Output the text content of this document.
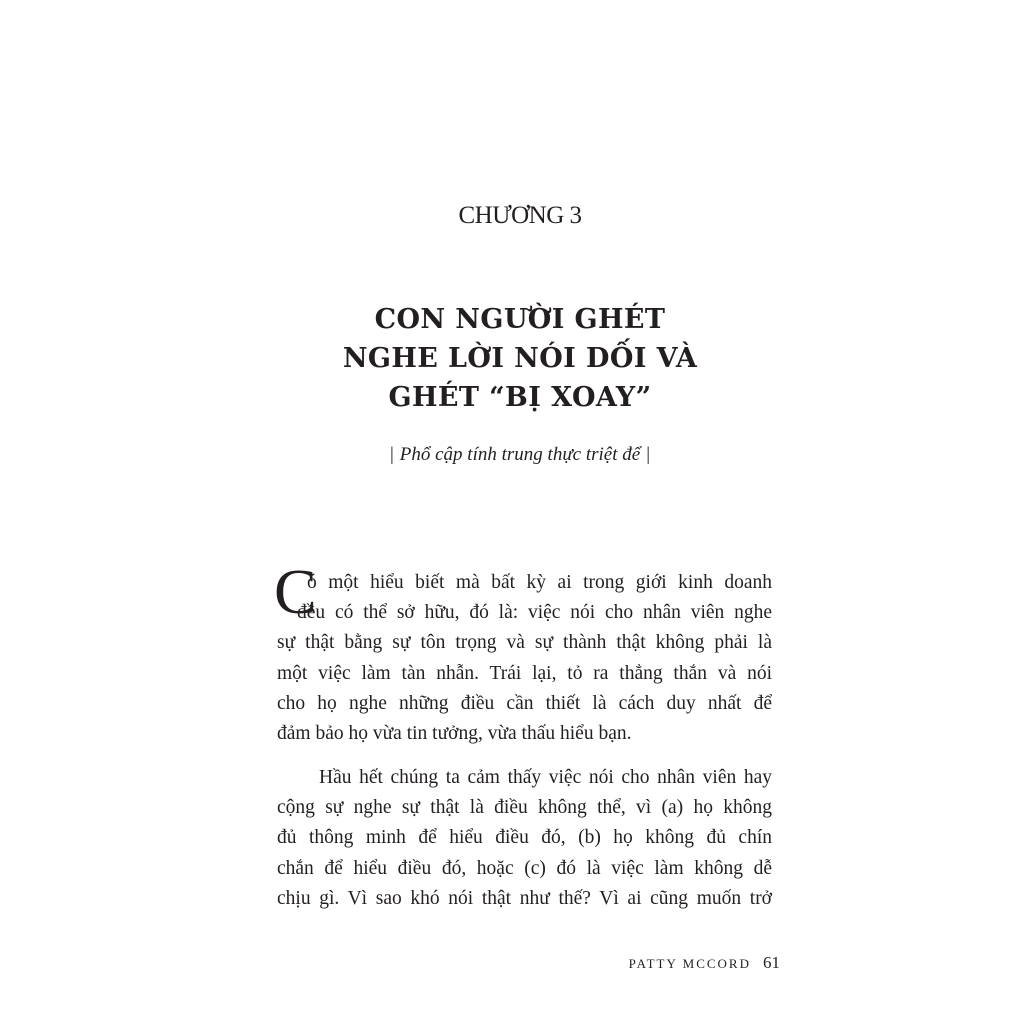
CHƯƠNG 3
CON NGƯỜI GHÉT
NGHE LỜI NÓI DỐI VÀ
GHÉT “BỊ XOAY”
| Phổ cập tính trung thực triệt để |
C
ó một hiểu biết mà bất kỳ ai trong giới kinh doanh
đều có thể sở hữu, đó là: việc nói cho nhân viên nghe
sự thật bằng sự tôn trọng và sự thành thật không phải là
một việc làm tàn nhẫn. Trái lại, tỏ ra thẳng thắn và nói
cho họ nghe những điều cần thiết là cách duy nhất để
đảm bảo họ vừa tin tưởng, vừa thấu hiểu bạn.
Hầu hết chúng ta cảm thấy việc nói cho nhân viên hay
cộng sự nghe sự thật là điều không thể, vì (a) họ không
đủ thông minh để hiểu điều đó, (b) họ không đủ chín
chắn để hiểu điều đó, hoặc (c) đó là việc làm không dễ
chịu gì. Vì sao khó nói thật như thế? Vì ai cũng muốn trở
PATTY MCCORD 61
